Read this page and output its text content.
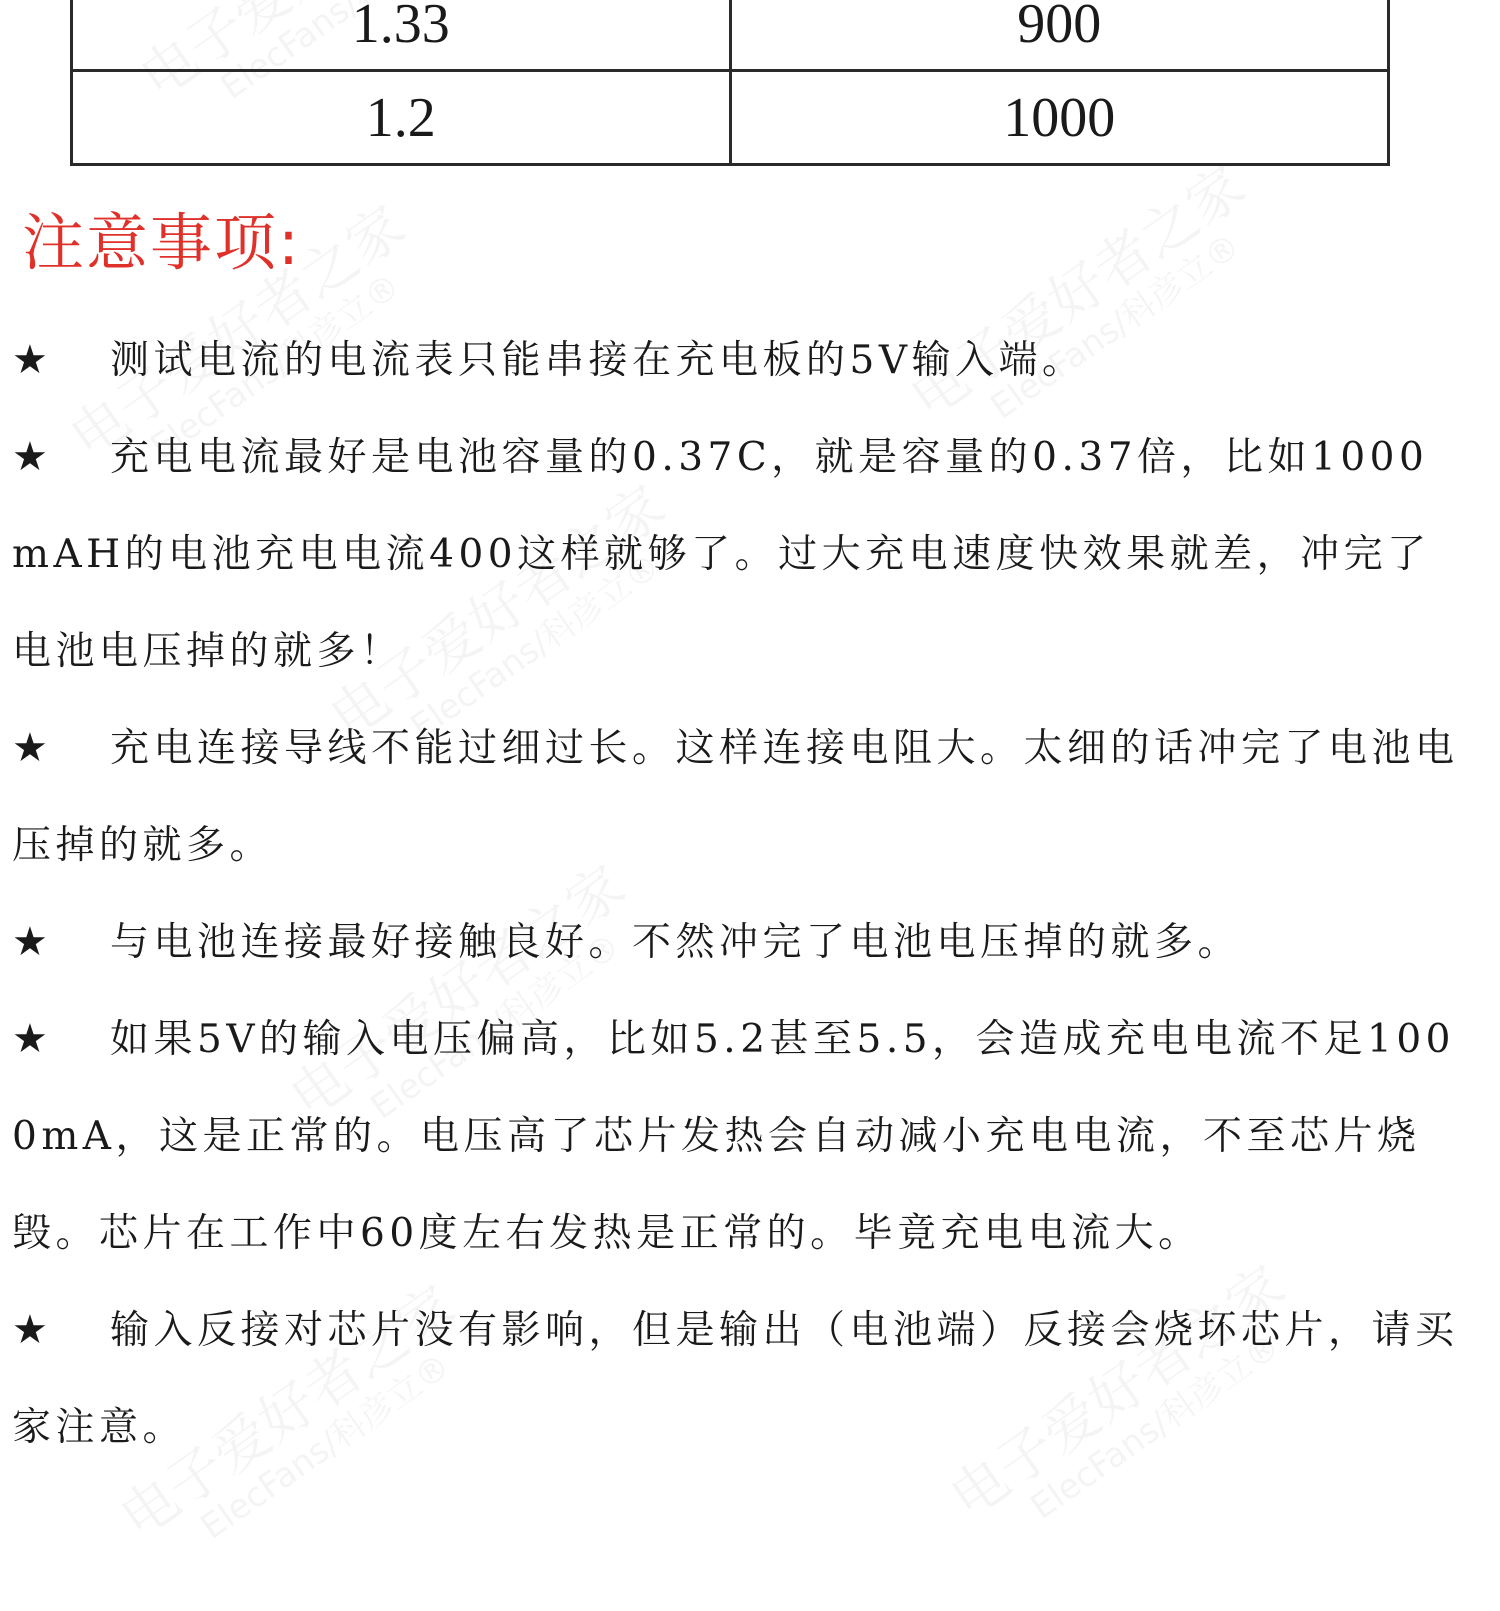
1.33	900
1.2	1000
注意事项:
★ 测试电流的电流表只能串接在充电板的5V输入端。
★ 充电电流最好是电池容量的0.37C，就是容量的0.37倍，比如1000mAH的电池充电电流400这样就够了。过大充电速度快效果就差，冲完了电池电压掉的就多！
★ 充电连接导线不能过细过长。这样连接电阻大。太细的话冲完了电池电压掉的就多。
★ 与电池连接最好接触良好。不然冲完了电池电压掉的就多。
★ 如果5V的输入电压偏高，比如5.2甚至5.5，会造成充电电流不足1000mA，这是正常的。电压高了芯片发热会自动减小充电电流，不至芯片烧毁。芯片在工作中60度左右发热是正常的。毕竟充电电流大。
★ 输入反接对芯片没有影响，但是输出（电池端）反接会烧坏芯片，请买家注意。
